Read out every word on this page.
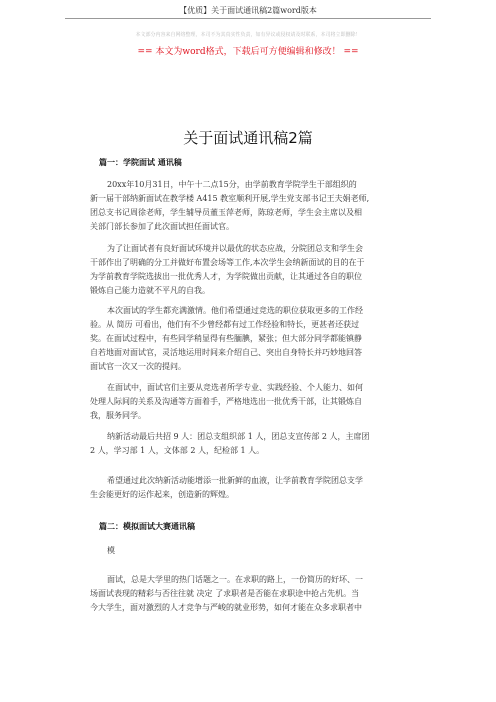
【优质】关于面试通讯稿2篇word版本
本文部分内容来自网络整理，本司不为其真实性负责，如有异议或侵权请及时联系，本司将立即删除！
== 本文为word格式，下载后可方便编辑和修改！ ==
关于面试通讯稿2篇
篇一：学院面试 通讯稿
20xx年10月31日，中午十二点15分，由学前教育学院学生干部组织的
新一届干部纳新面试在教学楼 A415 教室顺利开展,学生党支部书记王夫娟老师,
团总支书记周徐老师，学生辅导员董玉萍老师，陈琼老师，学生会主席以及相
关部门部长参加了此次面试担任面试官。
为了让面试者有良好面试环境并以最优的状态应战，分院团总支和学生会
干部作出了明确的分工并做好布置会场等工作,本次学生会纳新面试的目的在于
为学前教育学院选拔出一批优秀人才，为学院做出贡献，让其通过各自的职位
锻炼自己能力造就不平凡的自我。
本次面试的学生都充满激情。他们希望通过竞选的职位获取更多的工作经
验。从 简历 可看出，他们有不少曾经都有过工作经验和特长，更甚者还获过
奖。在面试过程中，有些同学稍显得有些腼腆，紧张；但大部分同学都能镇静
自若地面对面试官，灵活地运用时间来介绍自己、突出自身特长并巧妙地回答
面试官一次又一次的提问。
在面试中，面试官们主要从竞选者所学专业、实践经验、个人能力、如何
处理人际间的关系及沟通等方面着手，严格地选出一批优秀干部，让其锻炼自
我，服务同学。
纳新活动最后共招 9 人：团总支组织部 1 人，团总支宣传部 2 人，主席团
2 人，学习部 1 人，文体部 2 人，纪检部 1 人。
希望通过此次纳新活动能增添一批新鲜的血液，让学前教育学院团总支学
生会能更好的运作起来，创造新的辉煌。
篇二：模拟面试大赛通讯稿
模
面试，总是大学里的热门话题之一。在求职的路上，一份简历的好坏、一
场面试表现的精彩与否往往就 决定 了求职者是否能在求职途中抢占先机。当
今大学生，面对激烈的人才竞争与严峻的就业形势，如何才能在众多求职者中
